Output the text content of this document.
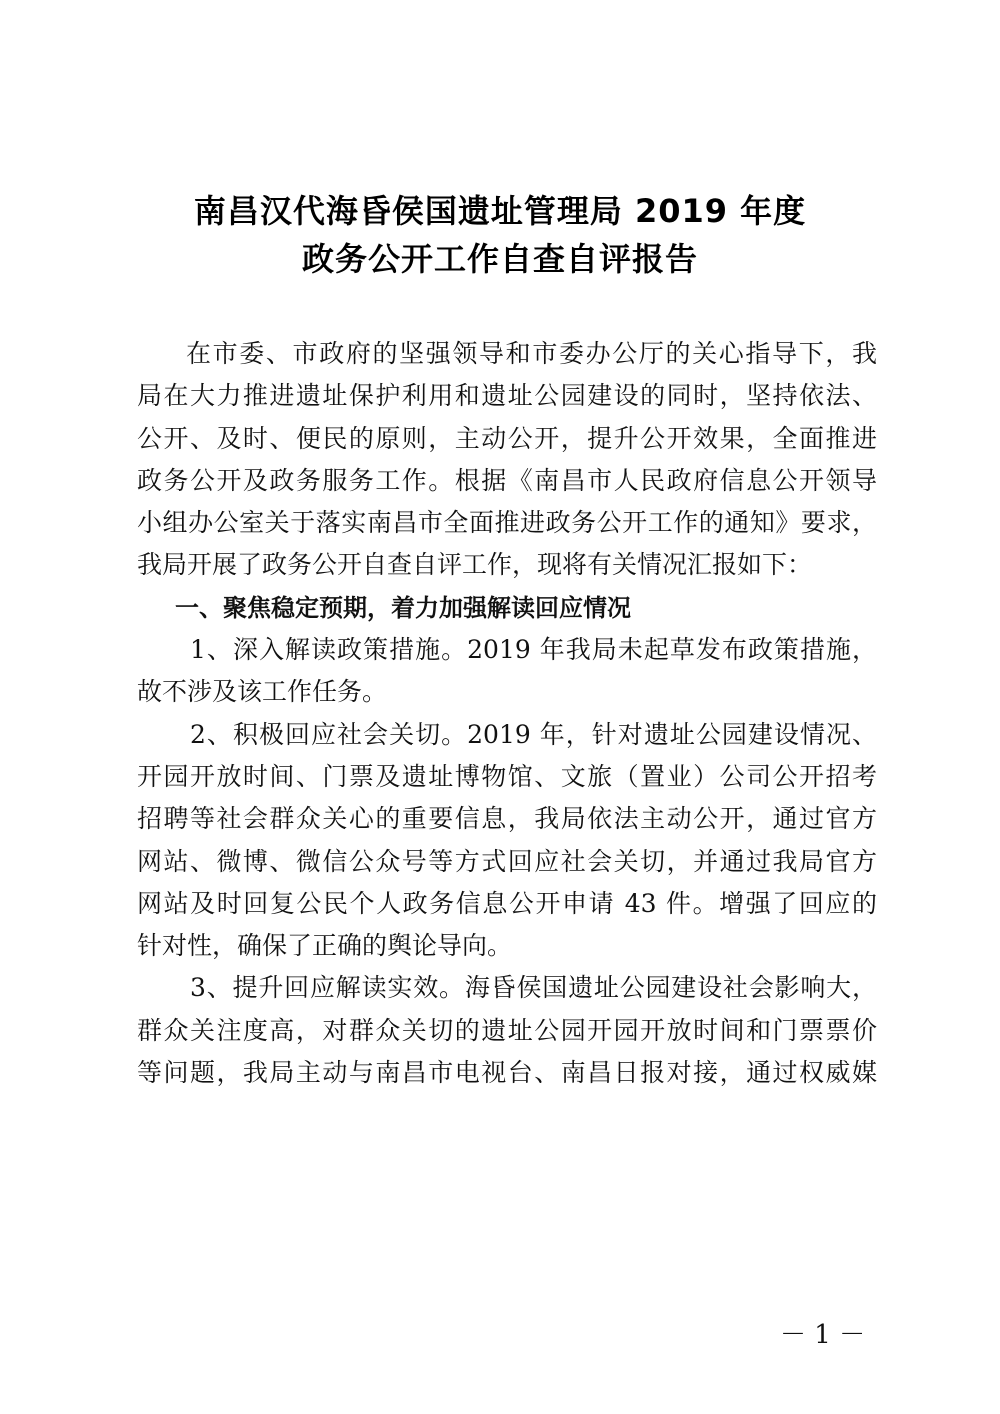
南昌汉代海昏侯国遗址管理局 2019 年度
政务公开工作自查自评报告
在市委、市政府的坚强领导和市委办公厅的关心指导下，我
局在大力推进遗址保护利用和遗址公园建设的同时，坚持依法、
公开、及时、便民的原则，主动公开，提升公开效果，全面推进
政务公开及政务服务工作。根据《南昌市人民政府信息公开领导
小组办公室关于落实南昌市全面推进政务公开工作的通知》要求，
我局开展了政务公开自查自评工作，现将有关情况汇报如下：
一、聚焦稳定预期，着力加强解读回应情况
1、深入解读政策措施。2019 年我局未起草发布政策措施，
故不涉及该工作任务。
2、积极回应社会关切。2019 年，针对遗址公园建设情况、
开园开放时间、门票及遗址博物馆、文旅（置业）公司公开招考
招聘等社会群众关心的重要信息，我局依法主动公开，通过官方
网站、微博、微信公众号等方式回应社会关切，并通过我局官方
网站及时回复公民个人政务信息公开申请 43 件。增强了回应的
针对性，确保了正确的舆论导向。
3、提升回应解读实效。海昏侯国遗址公园建设社会影响大，
群众关注度高，对群众关切的遗址公园开园开放时间和门票票价
等问题，我局主动与南昌市电视台、南昌日报对接，通过权威媒
－ 1 －
